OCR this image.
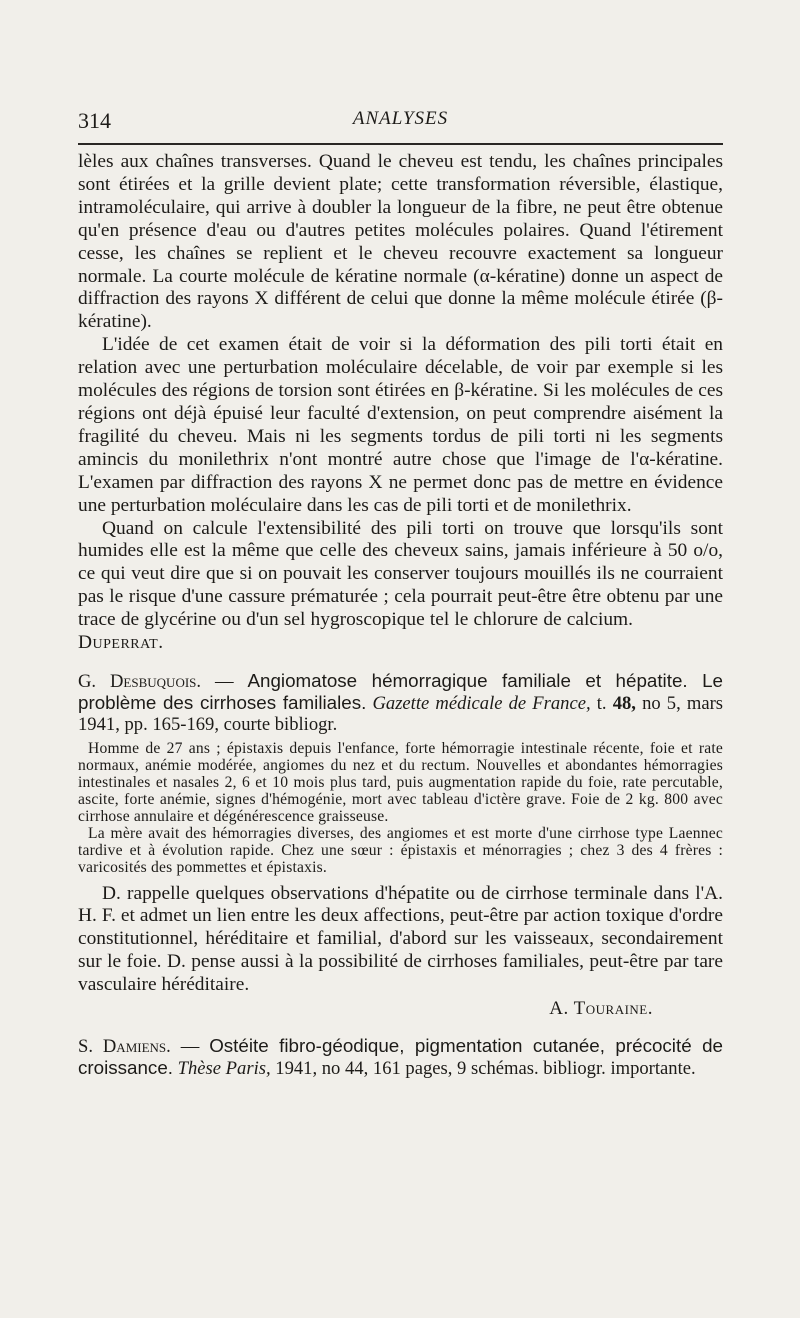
314	ANALYSES

lèles aux chaînes transverses. Quand le cheveu est tendu, les chaînes principales sont étirées et la grille devient plate; cette transformation réversible, élastique, intramoléculaire, qui arrive à doubler la longueur de la fibre, ne peut être obtenue qu'en présence d'eau ou d'autres petites molécules polaires. Quand l'étirement cesse, les chaînes se replient et le cheveu recouvre exactement sa longueur normale. La courte molécule de kératine normale (α-kératine) donne un aspect de diffraction des rayons X différent de celui que donne la même molécule étirée (β-kératine).

L'idée de cet examen était de voir si la déformation des pili torti était en relation avec une perturbation moléculaire décelable, de voir par exemple si les molécules des régions de torsion sont étirées en β-kératine. Si les molécules de ces régions ont déjà épuisé leur faculté d'extension, on peut comprendre aisément la fragilité du cheveu. Mais ni les segments tordus de pili torti ni les segments amincis du monilethrix n'ont montré autre chose que l'image de l'α-kératine. L'examen par diffraction des rayons X ne permet donc pas de mettre en évidence une perturbation moléculaire dans les cas de pili torti et de monilethrix.

Quand on calcule l'extensibilité des pili torti on trouve que lorsqu'ils sont humides elle est la même que celle des cheveux sains, jamais inférieure à 50 o/o, ce qui veut dire que si on pouvait les conserver toujours mouillés ils ne courraient pas le risque d'une cassure prématurée ; cela pourrait peut-être être obtenu par une trace de glycérine ou d'un sel hygroscopique tel le chlorure de calcium.Duperrat.

G. Desbuquois. — Angiomatose hémorragique familiale et hépatite. Le problème des cirrhoses familiales. Gazette médicale de France, t. 48, no 5, mars 1941, pp. 165-169, courte bibliogr.

Homme de 27 ans ; épistaxis depuis l'enfance, forte hémorragie intestinale récente, foie et rate normaux, anémie modérée, angiomes du nez et du rectum. Nouvelles et abondantes hémorragies intestinales et nasales 2, 6 et 10 mois plus tard, puis augmentation rapide du foie, rate percutable, ascite, forte anémie, signes d'hémogénie, mort avec tableau d'ictère grave. Foie de 2 kg. 800 avec cirrhose annulaire et dégénérescence graisseuse.

La mère avait des hémorragies diverses, des angiomes et est morte d'une cirrhose type Laennec tardive et à évolution rapide. Chez une sœur : épistaxis et ménorragies ; chez 3 des 4 frères : varicosités des pommettes et épistaxis.

D. rappelle quelques observations d'hépatite ou de cirrhose terminale dans l'A. H. F. et admet un lien entre les deux affections, peut-être par action toxique d'ordre constitutionnel, héréditaire et familial, d'abord sur les vaisseaux, secondairement sur le foie. D. pense aussi à la possibilité de cirrhoses familiales, peut-être par tare vasculaire héréditaire.

A. Touraine.

S. Damiens. — Ostéite fibro-géodique, pigmentation cutanée, précocité de croissance. Thèse Paris, 1941, no 44, 161 pages, 9 schémas. bibliogr. importante.
